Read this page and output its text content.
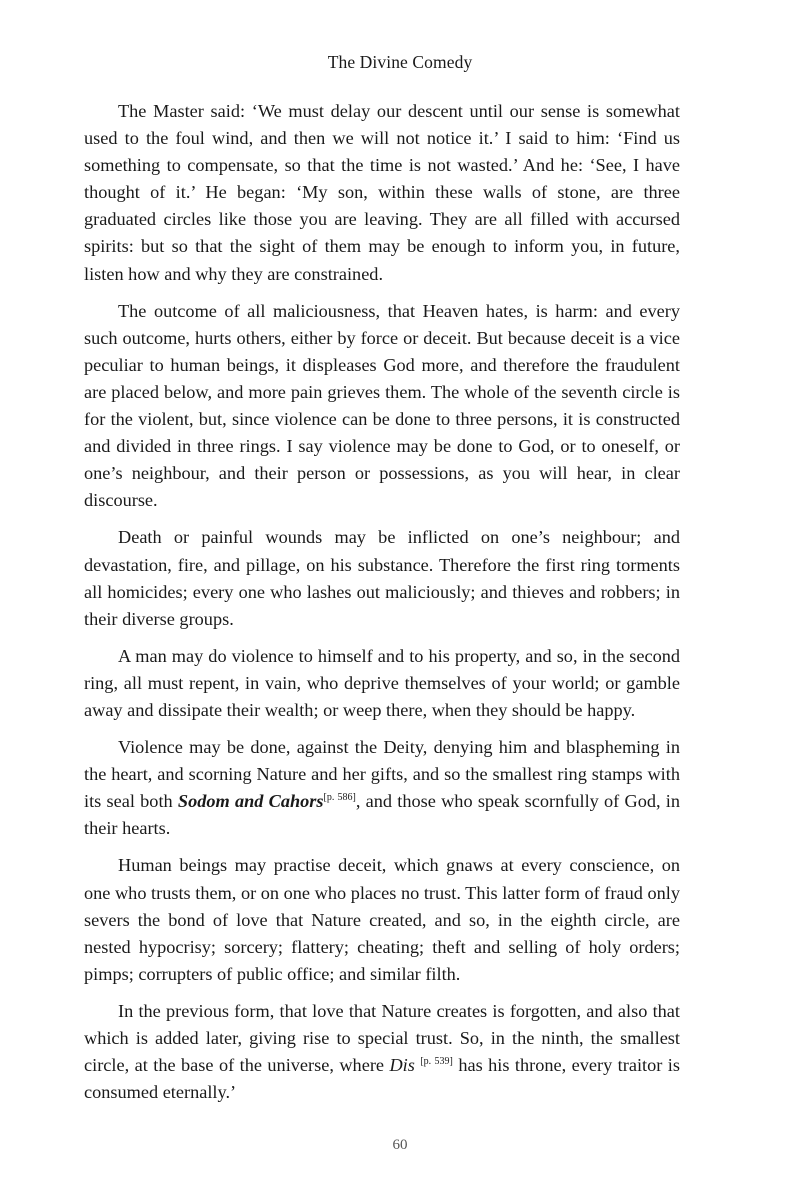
The Divine Comedy

The Master said: ‘We must delay our descent until our sense is somewhat used to the foul wind, and then we will not notice it.’ I said to him: ‘Find us something to compensate, so that the time is not wasted.’ And he: ‘See, I have thought of it.’ He began: ‘My son, within these walls of stone, are three graduated circles like those you are leaving. They are all filled with accursed spirits: but so that the sight of them may be enough to inform you, in future, listen how and why they are constrained.

The outcome of all maliciousness, that Heaven hates, is harm: and every such outcome, hurts others, either by force or deceit. But because deceit is a vice peculiar to human beings, it displeases God more, and therefore the fraudulent are placed below, and more pain grieves them. The whole of the seventh circle is for the violent, but, since violence can be done to three persons, it is constructed and divided in three rings. I say violence may be done to God, or to oneself, or one’s neighbour, and their person or possessions, as you will hear, in clear discourse.

Death or painful wounds may be inflicted on one’s neighbour; and devastation, fire, and pillage, on his substance. Therefore the first ring torments all homicides; every one who lashes out maliciously; and thieves and robbers; in their diverse groups.

A man may do violence to himself and to his property, and so, in the second ring, all must repent, in vain, who deprive themselves of your world; or gamble away and dissipate their wealth; or weep there, when they should be happy.

Violence may be done, against the Deity, denying him and blaspheming in the heart, and scorning Nature and her gifts, and so the smallest ring stamps with its seal both Sodom and Cahors[p. 586], and those who speak scornfully of God, in their hearts.

Human beings may practise deceit, which gnaws at every conscience, on one who trusts them, or on one who places no trust. This latter form of fraud only severs the bond of love that Nature created, and so, in the eighth circle, are nested hypocrisy; sorcery; flattery; cheating; theft and selling of holy orders; pimps; corrupters of public office; and similar filth.

In the previous form, that love that Nature creates is forgotten, and also that which is added later, giving rise to special trust. So, in the ninth, the smallest circle, at the base of the universe, where Dis [p. 539] has his throne, every traitor is consumed eternally.’

60
